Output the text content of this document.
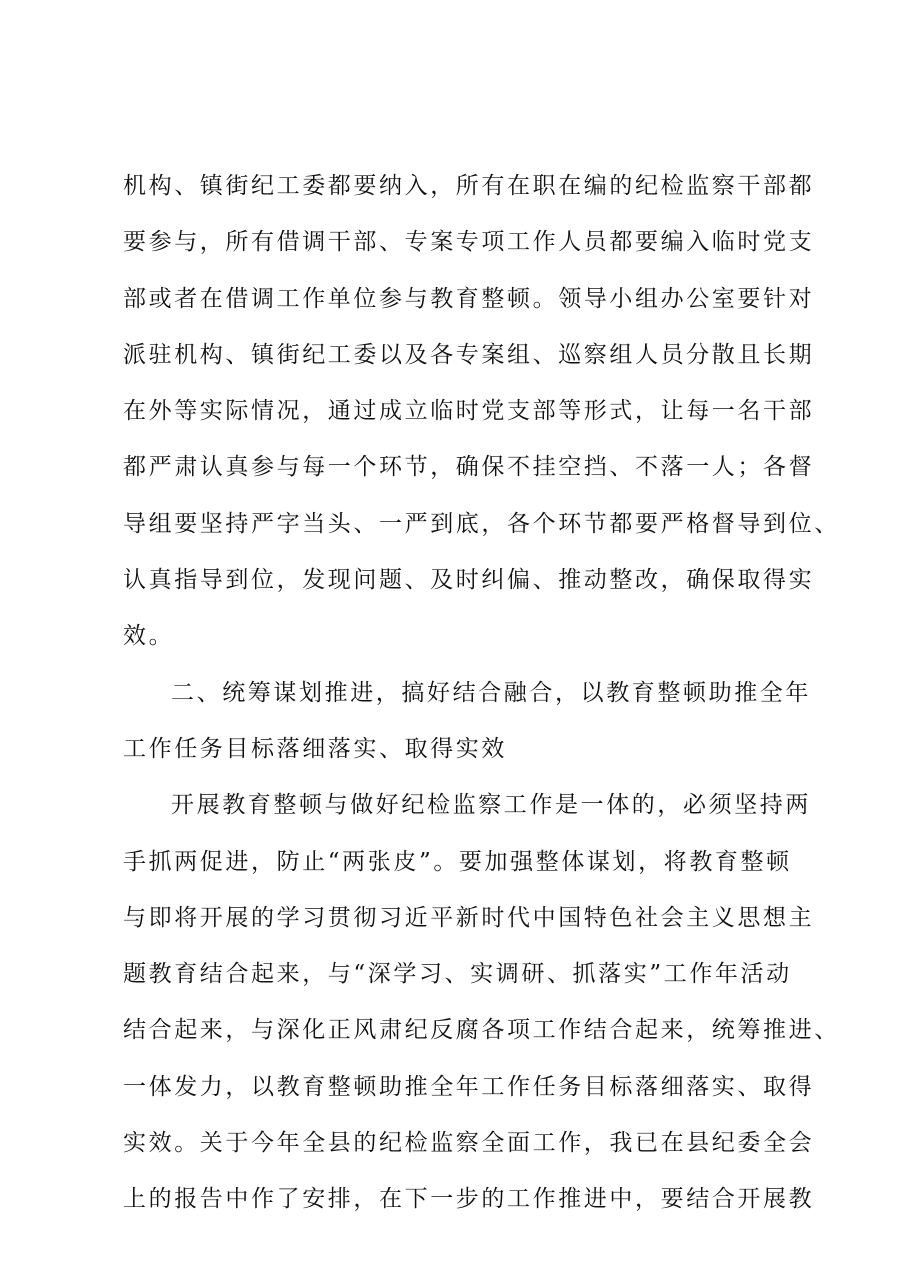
机构、镇街纪工委都要纳入，所有在职在编的纪检监察干部都
要参与，所有借调干部、专案专项工作人员都要编入临时党支
部或者在借调工作单位参与教育整顿。领导小组办公室要针对
派驻机构、镇街纪工委以及各专案组、巡察组人员分散且长期
在外等实际情况，通过成立临时党支部等形式，让每一名干部
都严肃认真参与每一个环节，确保不挂空挡、不落一人；各督
导组要坚持严字当头、一严到底，各个环节都要严格督导到位、
认真指导到位，发现问题、及时纠偏、推动整改，确保取得实
效。
二、统筹谋划推进，搞好结合融合，以教育整顿助推全年
工作任务目标落细落实、取得实效
开展教育整顿与做好纪检监察工作是一体的，必须坚持两
手抓两促进，防止“两张皮”。要加强整体谋划，将教育整顿
与即将开展的学习贯彻习近平新时代中国特色社会主义思想主
题教育结合起来，与“深学习、实调研、抓落实”工作年活动
结合起来，与深化正风肃纪反腐各项工作结合起来，统筹推进、
一体发力，以教育整顿助推全年工作任务目标落细落实、取得
实效。关于今年全县的纪检监察全面工作，我已在县纪委全会
上的报告中作了安排，在下一步的工作推进中，要结合开展教
